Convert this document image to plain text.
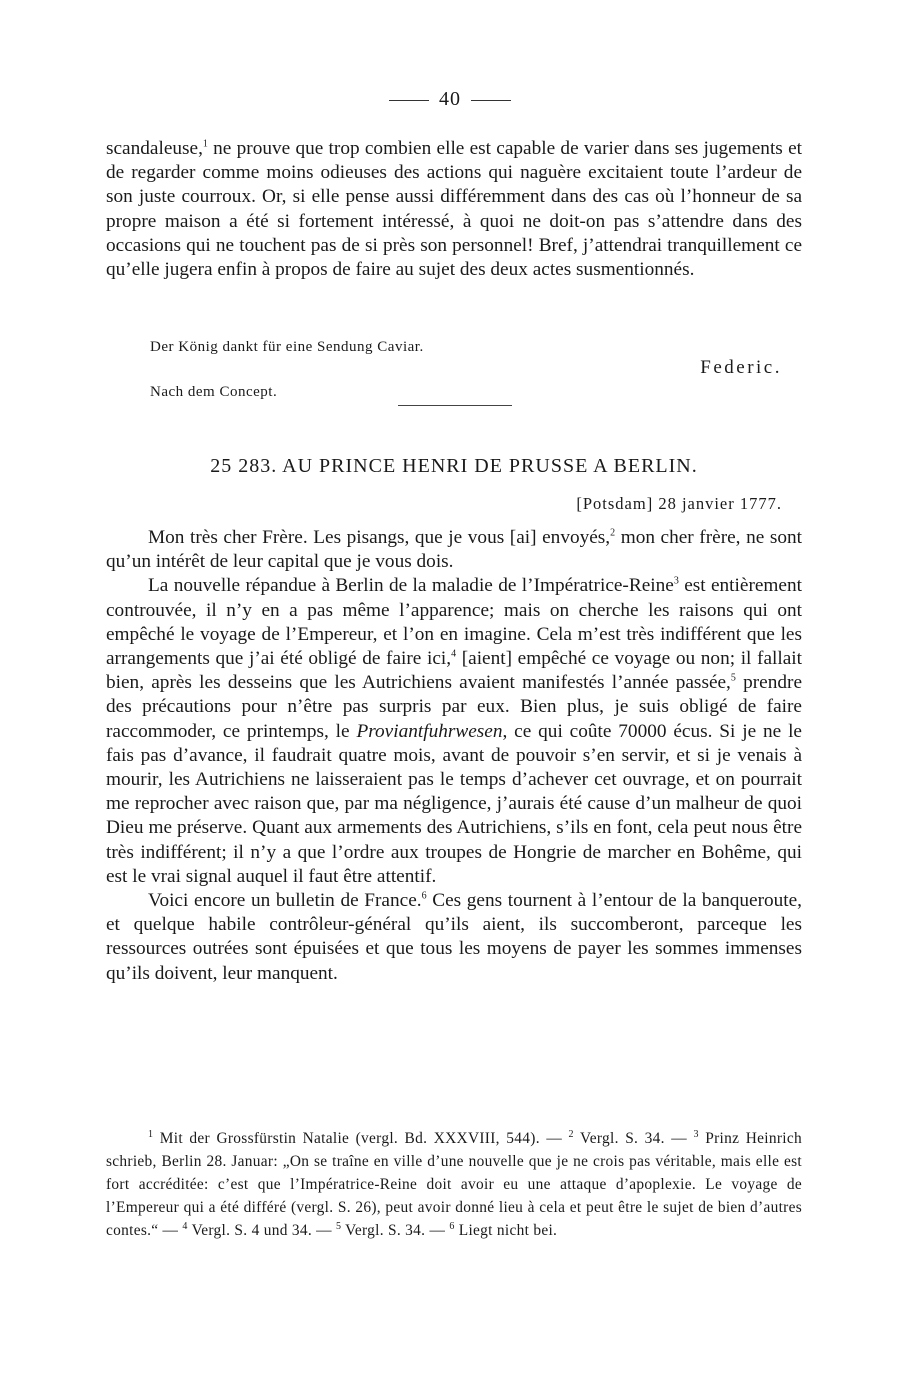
40

scandaleuse,$^1$ ne prouve que trop combien elle est capable de varier dans ses jugements et de regarder comme moins odieuses des actions qui naguère excitaient toute l’ardeur de son juste courroux. Or, si elle pense aussi différemment dans des cas où l’honneur de sa propre maison a été si fortement intéressé, à quoi ne doit-on pas s’attendre dans des occasions qui ne touchent pas de si près son personnel! Bref, j’attendrai tranquillement ce qu’elle jugera enfin à propos de faire au sujet des deux actes susmentionnés.

Der König dankt für eine Sendung Caviar.
Federic.
Nach dem Concept.
25 283. AU PRINCE HENRI DE PRUSSE A BERLIN.
[Potsdam] 28 janvier 1777.

Mon très cher Frère. Les pisangs, que je vous [ai] envoyés,$^2$ mon cher frère, ne sont qu’un intérêt de leur capital que je vous dois.

La nouvelle répandue à Berlin de la maladie de l’Impératrice-Reine$^3$ est entièrement controuvée, il n’y en a pas même l’apparence; mais on cherche les raisons qui ont empêché le voyage de l’Empereur, et l’on en imagine. Cela m’est très indifférent que les arrangements que j’ai été obligé de faire ici,$^4$ [aient] empêché ce voyage ou non; il fallait bien, après les desseins que les Autrichiens avaient manifestés l’année passée,$^5$ prendre des précautions pour n’être pas surpris par eux. Bien plus, je suis obligé de faire raccommoder, ce printemps, le Proviantfuhrwesen, ce qui coûte 70000 écus. Si je ne le fais pas d’avance, il faudrait quatre mois, avant de pouvoir s’en servir, et si je venais à mourir, les Autrichiens ne laisseraient pas le temps d’achever cet ouvrage, et on pourrait me reprocher avec raison que, par ma négligence, j’aurais été cause d’un malheur de quoi Dieu me préserve. Quant aux armements des Autrichiens, s’ils en font, cela peut nous être très indifférent; il n’y a que l’ordre aux troupes de Hongrie de marcher en Bohême, qui est le vrai signal auquel il faut être attentif.

Voici encore un bulletin de France.$^6$ Ces gens tournent à l’entour de la banqueroute, et quelque habile contrôleur-général qu’ils aient, ils succomberont, parceque les ressources outrées sont épuisées et que tous les moyens de payer les sommes immenses qu’ils doivent, leur manquent.

$^1$ Mit der Grossfürstin Natalie (vergl. Bd. XXXVIII, 544). — $^2$ Vergl. S. 34. — $^3$ Prinz Heinrich schrieb, Berlin 28. Januar: „On se traîne en ville d’une nouvelle que je ne crois pas véritable, mais elle est fort accréditée: c’est que l’Impératrice-Reine doit avoir eu une attaque d’apoplexie. Le voyage de l’Empereur qui a été différé (vergl. S. 26), peut avoir donné lieu à cela et peut être le sujet de bien d’autres contes.“ — $^4$ Vergl. S. 4 und 34. — $^5$ Vergl. S. 34. — $^6$ Liegt nicht bei.
